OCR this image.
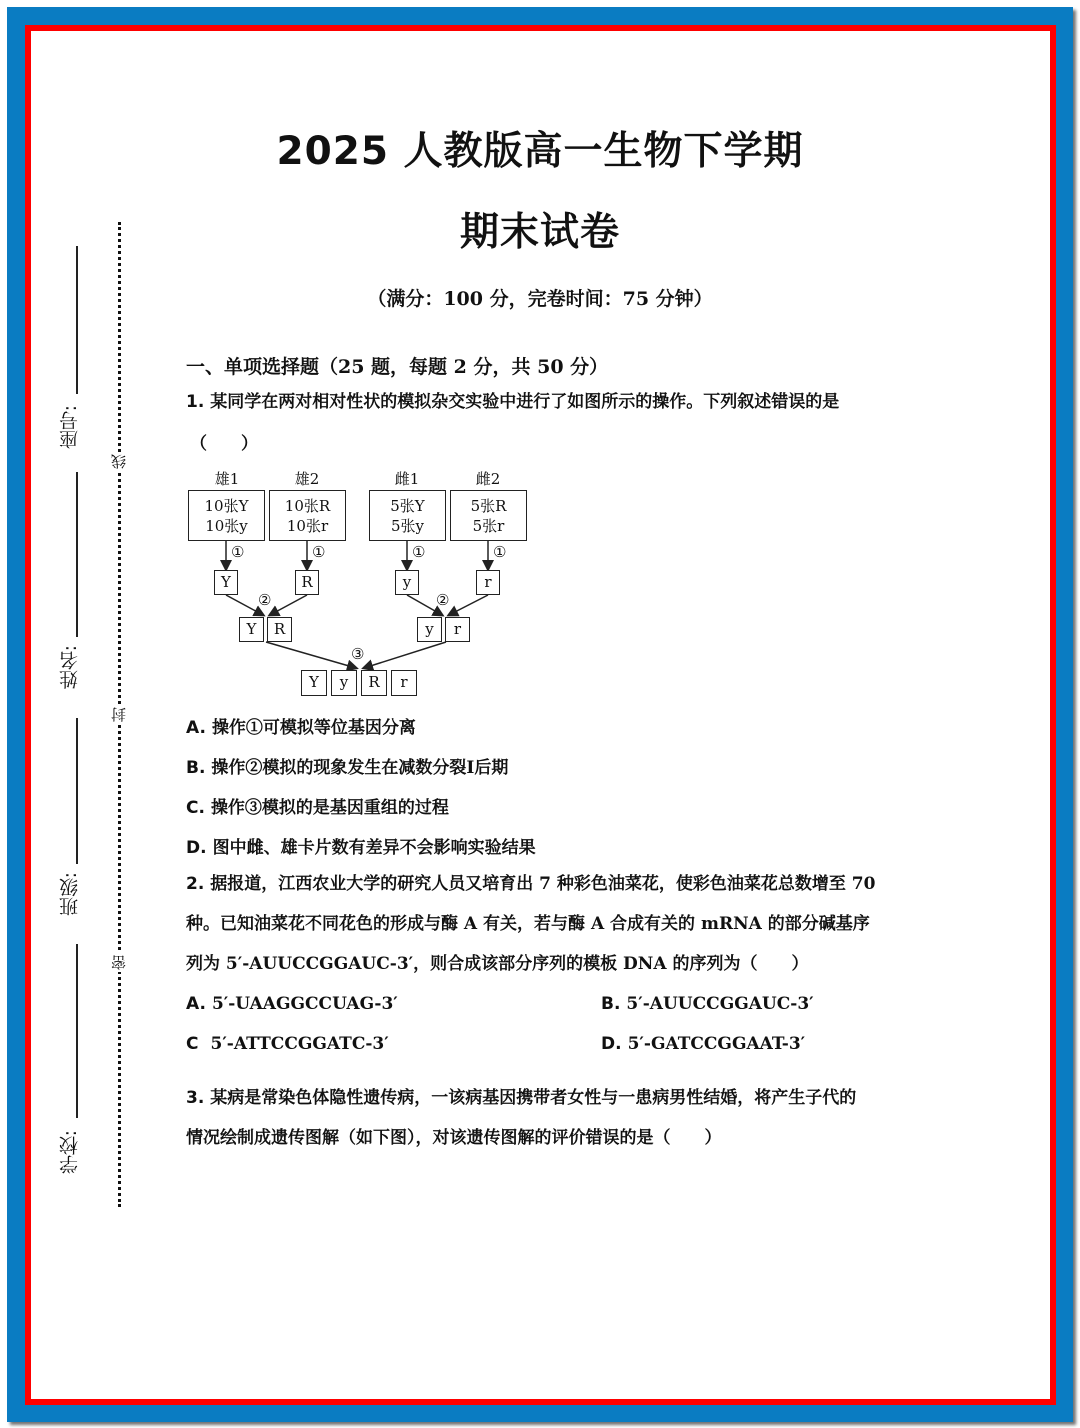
座号:
姓名:
班级:
学校:
线
封
密
2025 人教版高一生物下学期
期末试卷
（满分：100 分，完卷时间：75 分钟）
一、单项选择题（25 题，每题 2 分，共 50 分）
1. 某同学在两对相对性状的模拟杂交实验中进行了如图所示的操作。下列叙述错误的是
（　　）
雄1	雄2	雌1	雌2
10张Y
10张y
10张R
10张r
5张Y
5张y
5张R
5张r
①	①	①	①
Y	R	y	r
②	②
Y	R	y	r
③
Y	y	R	r
A. 操作①可模拟等位基因分离
B. 操作②模拟的现象发生在减数分裂Ⅰ后期
C. 操作③模拟的是基因重组的过程
D. 图中雌、雄卡片数有差异不会影响实验结果
2. 据报道，江西农业大学的研究人员又培育出 7 种彩色油菜花，使彩色油菜花总数增至 70
种。已知油菜花不同花色的形成与酶 A 有关，若与酶 A 合成有关的 mRNA 的部分碱基序
列为 5′-AUUCCGGAUC-3′，则合成该部分序列的模板 DNA 的序列为（　　）
A. 5′-UAAGGCCUAG-3′	B. 5′-AUUCCGGAUC-3′
C 5′-ATTCCGGATC-3′	D. 5′-GATCCGGAAT-3′
3. 某病是常染色体隐性遗传病，一该病基因携带者女性与一患病男性结婚，将产生子代的
情况绘制成遗传图解（如下图），对该遗传图解的评价错误的是（　　）
